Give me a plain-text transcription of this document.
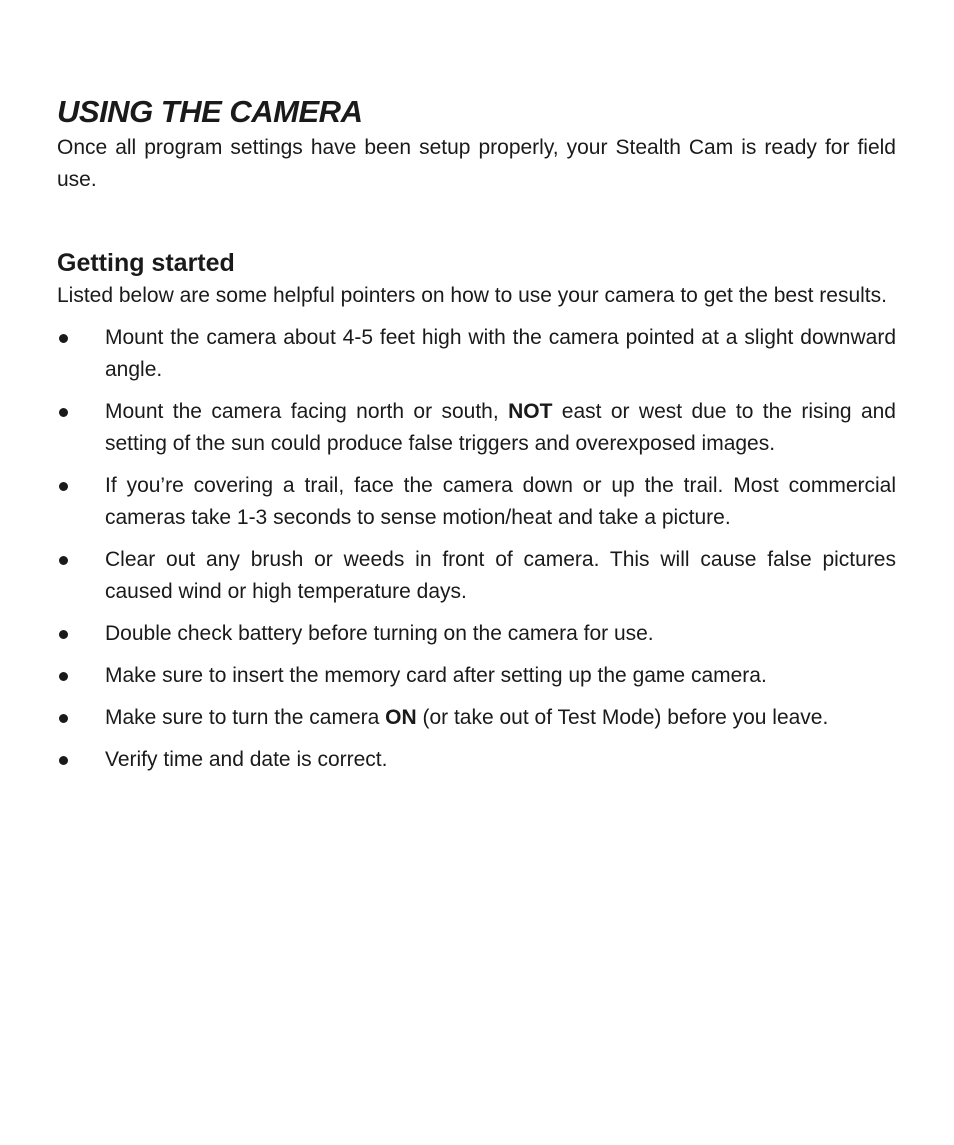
USING THE CAMERA

Once all program settings have been setup properly, your Stealth Cam is ready for field use.

Getting started

Listed below are some helpful pointers on how to use your camera to get the best results.

Mount the camera about 4-5 feet high with the camera pointed at a slight downward angle.
Mount the camera facing north or south, NOT east or west due to the rising and setting of the sun could produce false triggers and overexposed images.
If you’re covering a trail, face the camera down or up the trail. Most commercial cameras take 1-3 seconds to sense motion/heat and take a picture.
Clear out any brush or weeds in front of camera. This will cause false pictures caused wind or high temperature days.
Double check battery before turning on the camera for use.
Make sure to insert the memory card after setting up the game camera.
Make sure to turn the camera ON (or take out of Test Mode) before you leave.
Verify time and date is correct.
